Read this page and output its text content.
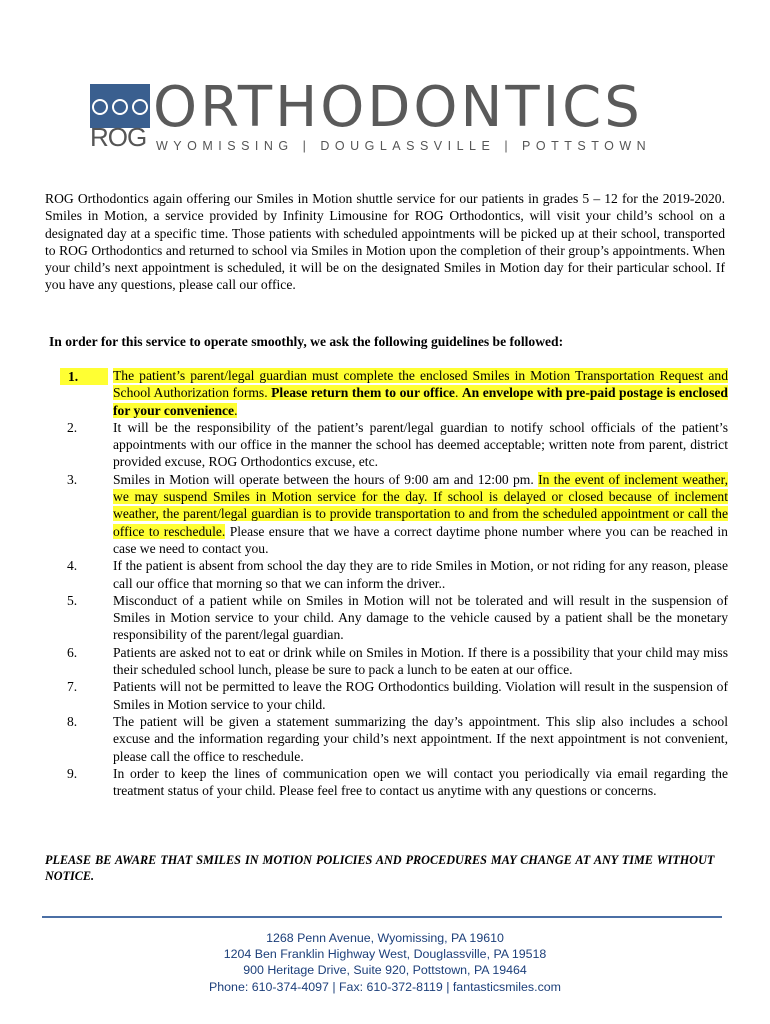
ROG ORTHODONTICS
WYOMISSING | DOUGLASSVILLE | POTTSTOWN
ROG Orthodontics again offering our Smiles in Motion shuttle service for our patients in grades 5 – 12 for the 2019-2020. Smiles in Motion, a service provided by Infinity Limousine for ROG Orthodontics, will visit your child’s school on a designated day at a specific time. Those patients with scheduled appointments will be picked up at their school, transported to ROG Orthodontics and returned to school via Smiles in Motion upon the completion of their group’s appointments. When your child’s next appointment is scheduled, it will be on the designated Smiles in Motion day for their particular school. If you have any questions, please call our office.
In order for this service to operate smoothly, we ask the following guidelines be followed:
1.	The patient’s parent/legal guardian must complete the enclosed Smiles in Motion Transportation Request and School Authorization forms. Please return them to our office. An envelope with pre-paid postage is enclosed for your convenience.
2.	It will be the responsibility of the patient’s parent/legal guardian to notify school officials of the patient’s appointments with our office in the manner the school has deemed acceptable; written note from parent, district provided excuse, ROG Orthodontics excuse, etc.
3.	Smiles in Motion will operate between the hours of 9:00 am and 12:00 pm. In the event of inclement weather, we may suspend Smiles in Motion service for the day. If school is delayed or closed because of inclement weather, the parent/legal guardian is to provide transportation to and from the scheduled appointment or call the office to reschedule. Please ensure that we have a correct daytime phone number where you can be reached in case we need to contact you.
4.	If the patient is absent from school the day they are to ride Smiles in Motion, or not riding for any reason, please call our office that morning so that we can inform the driver..
5.	Misconduct of a patient while on Smiles in Motion will not be tolerated and will result in the suspension of Smiles in Motion service to your child. Any damage to the vehicle caused by a patient shall be the monetary responsibility of the parent/legal guardian.
6.	Patients are asked not to eat or drink while on Smiles in Motion. If there is a possibility that your child may miss their scheduled school lunch, please be sure to pack a lunch to be eaten at our office.
7.	Patients will not be permitted to leave the ROG Orthodontics building. Violation will result in the suspension of Smiles in Motion service to your child.
8.	The patient will be given a statement summarizing the day’s appointment. This slip also includes a school excuse and the information regarding your child’s next appointment. If the next appointment is not convenient, please call the office to reschedule.
9.	In order to keep the lines of communication open we will contact you periodically via email regarding the treatment status of your child. Please feel free to contact us anytime with any questions or concerns.
PLEASE BE AWARE THAT SMILES IN MOTION POLICIES AND PROCEDURES MAY CHANGE AT ANY TIME WITHOUT NOTICE.
1268 Penn Avenue, Wyomissing, PA 19610
1204 Ben Franklin Highway West, Douglassville, PA 19518
900 Heritage Drive, Suite 920, Pottstown, PA 19464
Phone: 610-374-4097 | Fax: 610-372-8119 | fantasticsmiles.com
